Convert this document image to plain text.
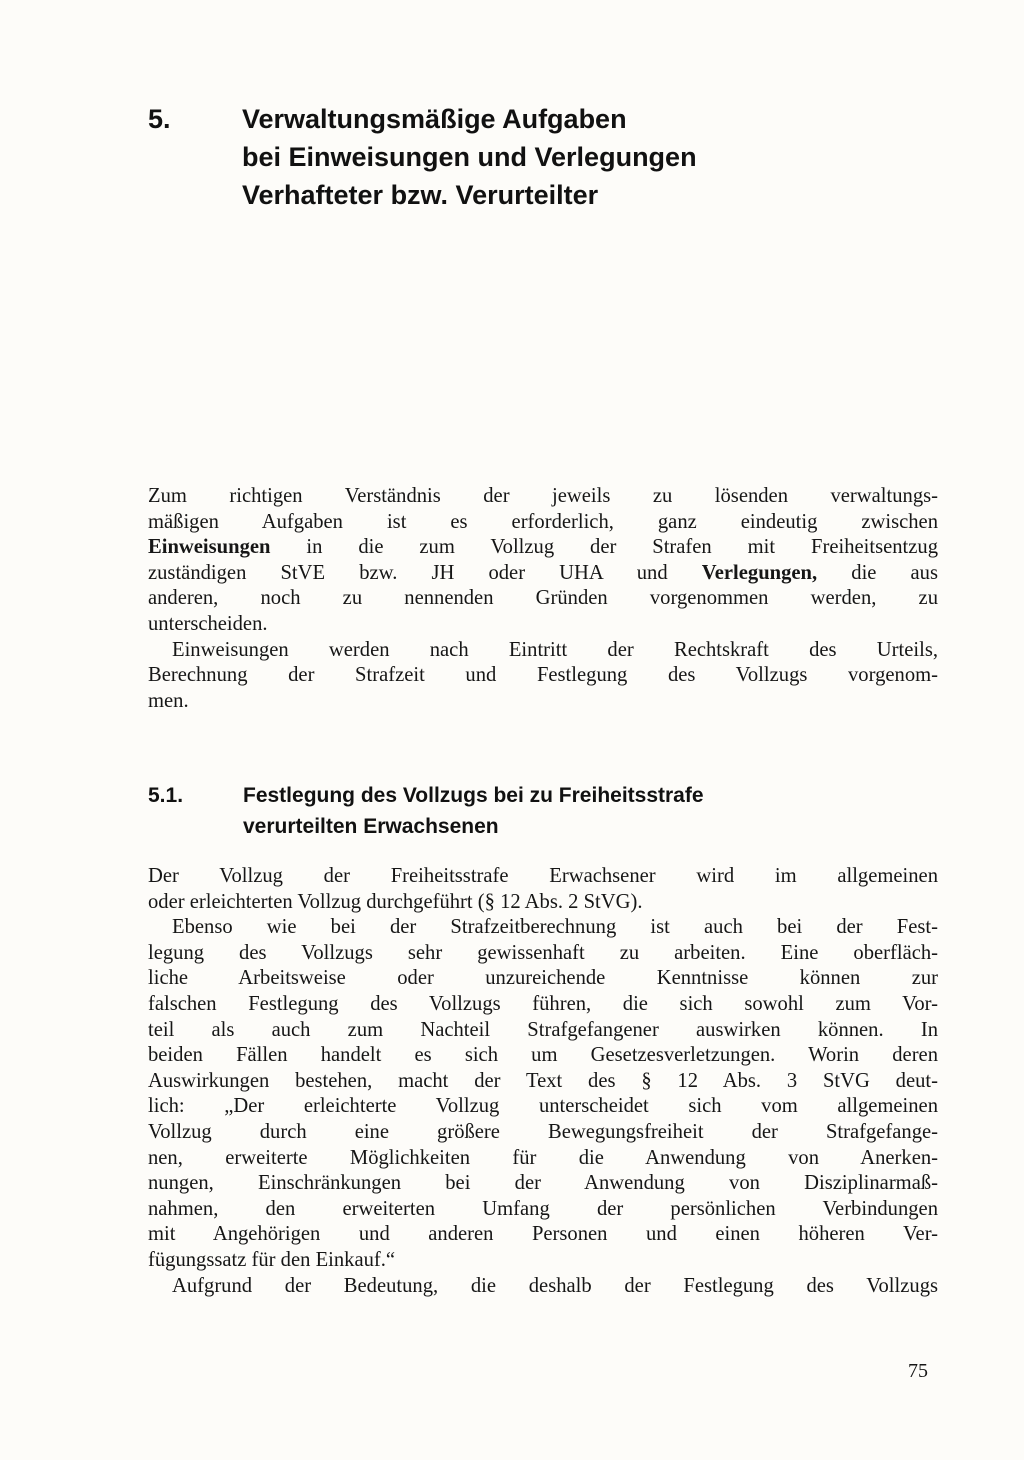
5.	Verwaltungsmäßige Aufgaben
bei Einweisungen und Verlegungen
Verhafteter bzw. Verurteilter
Zum richtigen Verständnis der jeweils zu lösenden verwaltungs-
mäßigen Aufgaben ist es erforderlich, ganz eindeutig zwischen
Einweisungen in die zum Vollzug der Strafen mit Freiheitsentzug
zuständigen StVE bzw. JH oder UHA und Verlegungen, die aus
anderen, noch zu nennenden Gründen vorgenommen werden, zu
unterscheiden.
Einweisungen werden nach Eintritt der Rechtskraft des Urteils,
Berechnung der Strafzeit und Festlegung des Vollzugs vorgenom-
men.
5.1.	Festlegung des Vollzugs bei zu Freiheitsstrafe
verurteilten Erwachsenen
Der Vollzug der Freiheitsstrafe Erwachsener wird im allgemeinen
oder erleichterten Vollzug durchgeführt (§ 12 Abs. 2 StVG).
Ebenso wie bei der Strafzeitberechnung ist auch bei der Fest-
legung des Vollzugs sehr gewissenhaft zu arbeiten. Eine oberfläch-
liche Arbeitsweise oder unzureichende Kenntnisse können zur
falschen Festlegung des Vollzugs führen, die sich sowohl zum Vor-
teil als auch zum Nachteil Strafgefangener auswirken können. In
beiden Fällen handelt es sich um Gesetzesverletzungen. Worin deren
Auswirkungen bestehen, macht der Text des § 12 Abs. 3 StVG deut-
lich: „Der erleichterte Vollzug unterscheidet sich vom allgemeinen
Vollzug durch eine größere Bewegungsfreiheit der Strafgefange-
nen, erweiterte Möglichkeiten für die Anwendung von Anerken-
nungen, Einschränkungen bei der Anwendung von Disziplinarmaß-
nahmen, den erweiterten Umfang der persönlichen Verbindungen
mit Angehörigen und anderen Personen und einen höheren Ver-
fügungssatz für den Einkauf.“
Aufgrund der Bedeutung, die deshalb der Festlegung des Vollzugs
75
